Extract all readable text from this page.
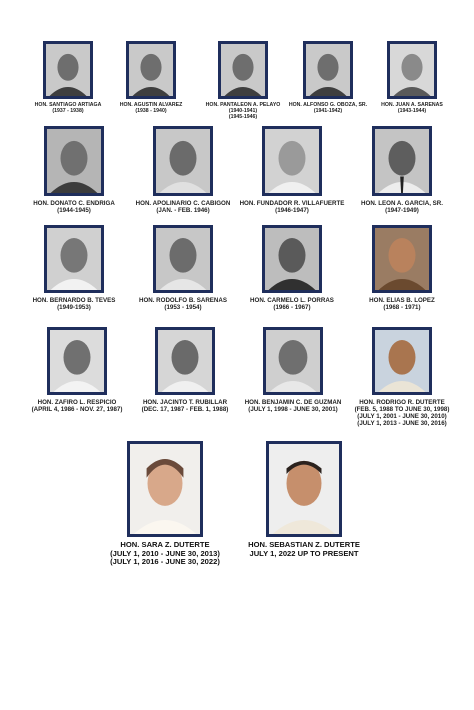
HON. SANTIAGO ARTIAGA
(1937 - 1938)
HON. AGUSTIN ALVAREZ
(1938 - 1940)
HON. PANTALEON A. PELAYO
(1940-1941)
(1945-1946)
HON. ALFONSO G. OBOZA, SR.
(1941-1942)
HON. JUAN A. SARENAS
(1943-1944)
HON. DONATO C. ENDRIGA
(1944-1945)
HON. APOLINARIO C. CABIGON
(JAN. - FEB. 1946)
HON. FUNDADOR R. VILLAFUERTE
(1946-1947)
HON. LEON A. GARCIA, SR.
(1947-1949)
HON. BERNARDO B. TEVES
(1949-1953)
HON. RODOLFO B. SARENAS
(1953 - 1954)
HON. CARMELO L. PORRAS
(1966 - 1967)
HON. ELIAS B. LOPEZ
(1968 - 1971)
HON. ZAFIRO L. RESPICIO
(APRIL 4, 1986 - NOV. 27, 1987)
HON. JACINTO T. RUBILLAR
(DEC. 17, 1987 - FEB. 1, 1988)
HON. BENJAMIN C. DE GUZMAN
(JULY 1, 1998 - JUNE 30, 2001)
HON. RODRIGO R. DUTERTE
(FEB. 5, 1988 TO JUNE 30, 1998)
(JULY 1, 2001 - JUNE 30, 2010)
(JULY 1, 2013 - JUNE 30, 2016)
HON. SARA Z. DUTERTE
(JULY 1, 2010 - JUNE 30, 2013)
(JULY 1, 2016 - JUNE 30, 2022)
HON. SEBASTIAN Z. DUTERTE
JULY 1, 2022 UP TO PRESENT
